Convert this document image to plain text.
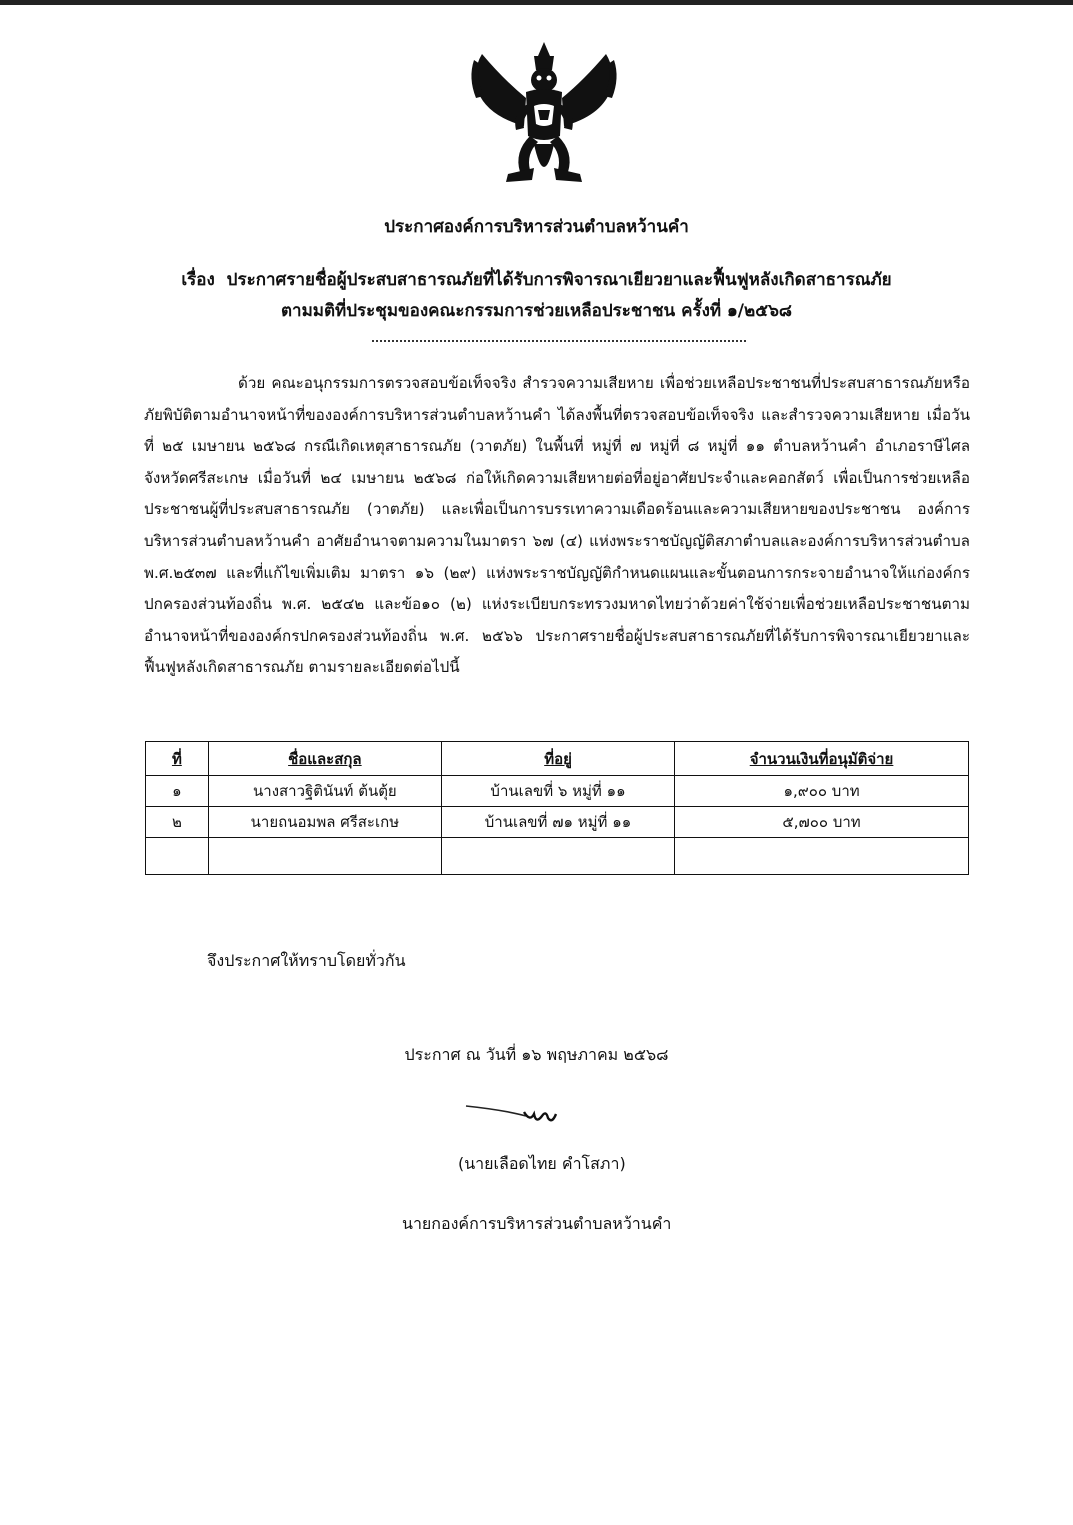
ประกาศองค์การบริหารส่วนตำบลหว้านคำ
เรื่อง ประกาศรายชื่อผู้ประสบสาธารณภัยที่ได้รับการพิจารณาเยียวยาและฟื้นฟูหลังเกิดสาธารณภัย
ตามมติที่ประชุมของคณะกรรมการช่วยเหลือประชาชน ครั้งที่ ๑/๒๕๖๘
ด้วย คณะอนุกรรมการตรวจสอบข้อเท็จจริง สำรวจความเสียหาย เพื่อช่วยเหลือประชาชนที่ประสบสาธารณภัยหรือภัยพิบัติตามอำนาจหน้าที่ขององค์การบริหารส่วนตำบลหว้านคำ ได้ลงพื้นที่ตรวจสอบข้อเท็จจริง และสำรวจความเสียหาย เมื่อวันที่ ๒๕ เมษายน ๒๕๖๘ กรณีเกิดเหตุสาธารณภัย (วาตภัย) ในพื้นที่ หมู่ที่ ๗ หมู่ที่ ๘ หมู่ที่ ๑๑ ตำบลหว้านคำ อำเภอราษีไศล จังหวัดศรีสะเกษ เมื่อวันที่ ๒๔ เมษายน ๒๕๖๘ ก่อให้เกิดความเสียหายต่อที่อยู่อาศัยประจำและคอกสัตว์ เพื่อเป็นการช่วยเหลือประชาชนผู้ที่ประสบสาธารณภัย (วาตภัย) และเพื่อเป็นการบรรเทาความเดือดร้อนและความเสียหายของประชาชน องค์การบริหารส่วนตำบลหว้านคำ อาศัยอำนาจตามความในมาตรา ๖๗ (๔) แห่งพระราชบัญญัติสภาตำบลและองค์การบริหารส่วนตำบล พ.ศ.๒๕๓๗ และที่แก้ไขเพิ่มเติม มาตรา ๑๖ (๒๙) แห่งพระราชบัญญัติกำหนดแผนและขั้นตอนการกระจายอำนาจให้แก่องค์กรปกครองส่วนท้องถิ่น พ.ศ. ๒๕๔๒ และข้อ๑๐ (๒) แห่งระเบียบกระทรวงมหาดไทยว่าด้วยค่าใช้จ่ายเพื่อช่วยเหลือประชาชนตามอำนาจหน้าที่ขององค์กรปกครองส่วนท้องถิ่น พ.ศ. ๒๕๖๖ ประกาศรายชื่อผู้ประสบสาธารณภัยที่ได้รับการพิจารณาเยียวยาและฟื้นฟูหลังเกิดสาธารณภัย ตามรายละเอียดต่อไปนี้
ที่	ชื่อและสกุล	ที่อยู่	จำนวนเงินที่อนุมัติจ่าย
๑	นางสาวฐิตินันท์ ต้นตุ้ย	บ้านเลขที่ ๖ หมู่ที่ ๑๑	๑,๙๐๐ บาท
๒	นายถนอมพล ศรีสะเกษ	บ้านเลขที่ ๗๑ หมู่ที่ ๑๑	๕,๗๐๐ บาท

จึงประกาศให้ทราบโดยทั่วกัน
ประกาศ ณ วันที่ ๑๖ พฤษภาคม ๒๕๖๘
(นายเลือดไทย คำโสภา)
นายกองค์การบริหารส่วนตำบลหว้านคำ
